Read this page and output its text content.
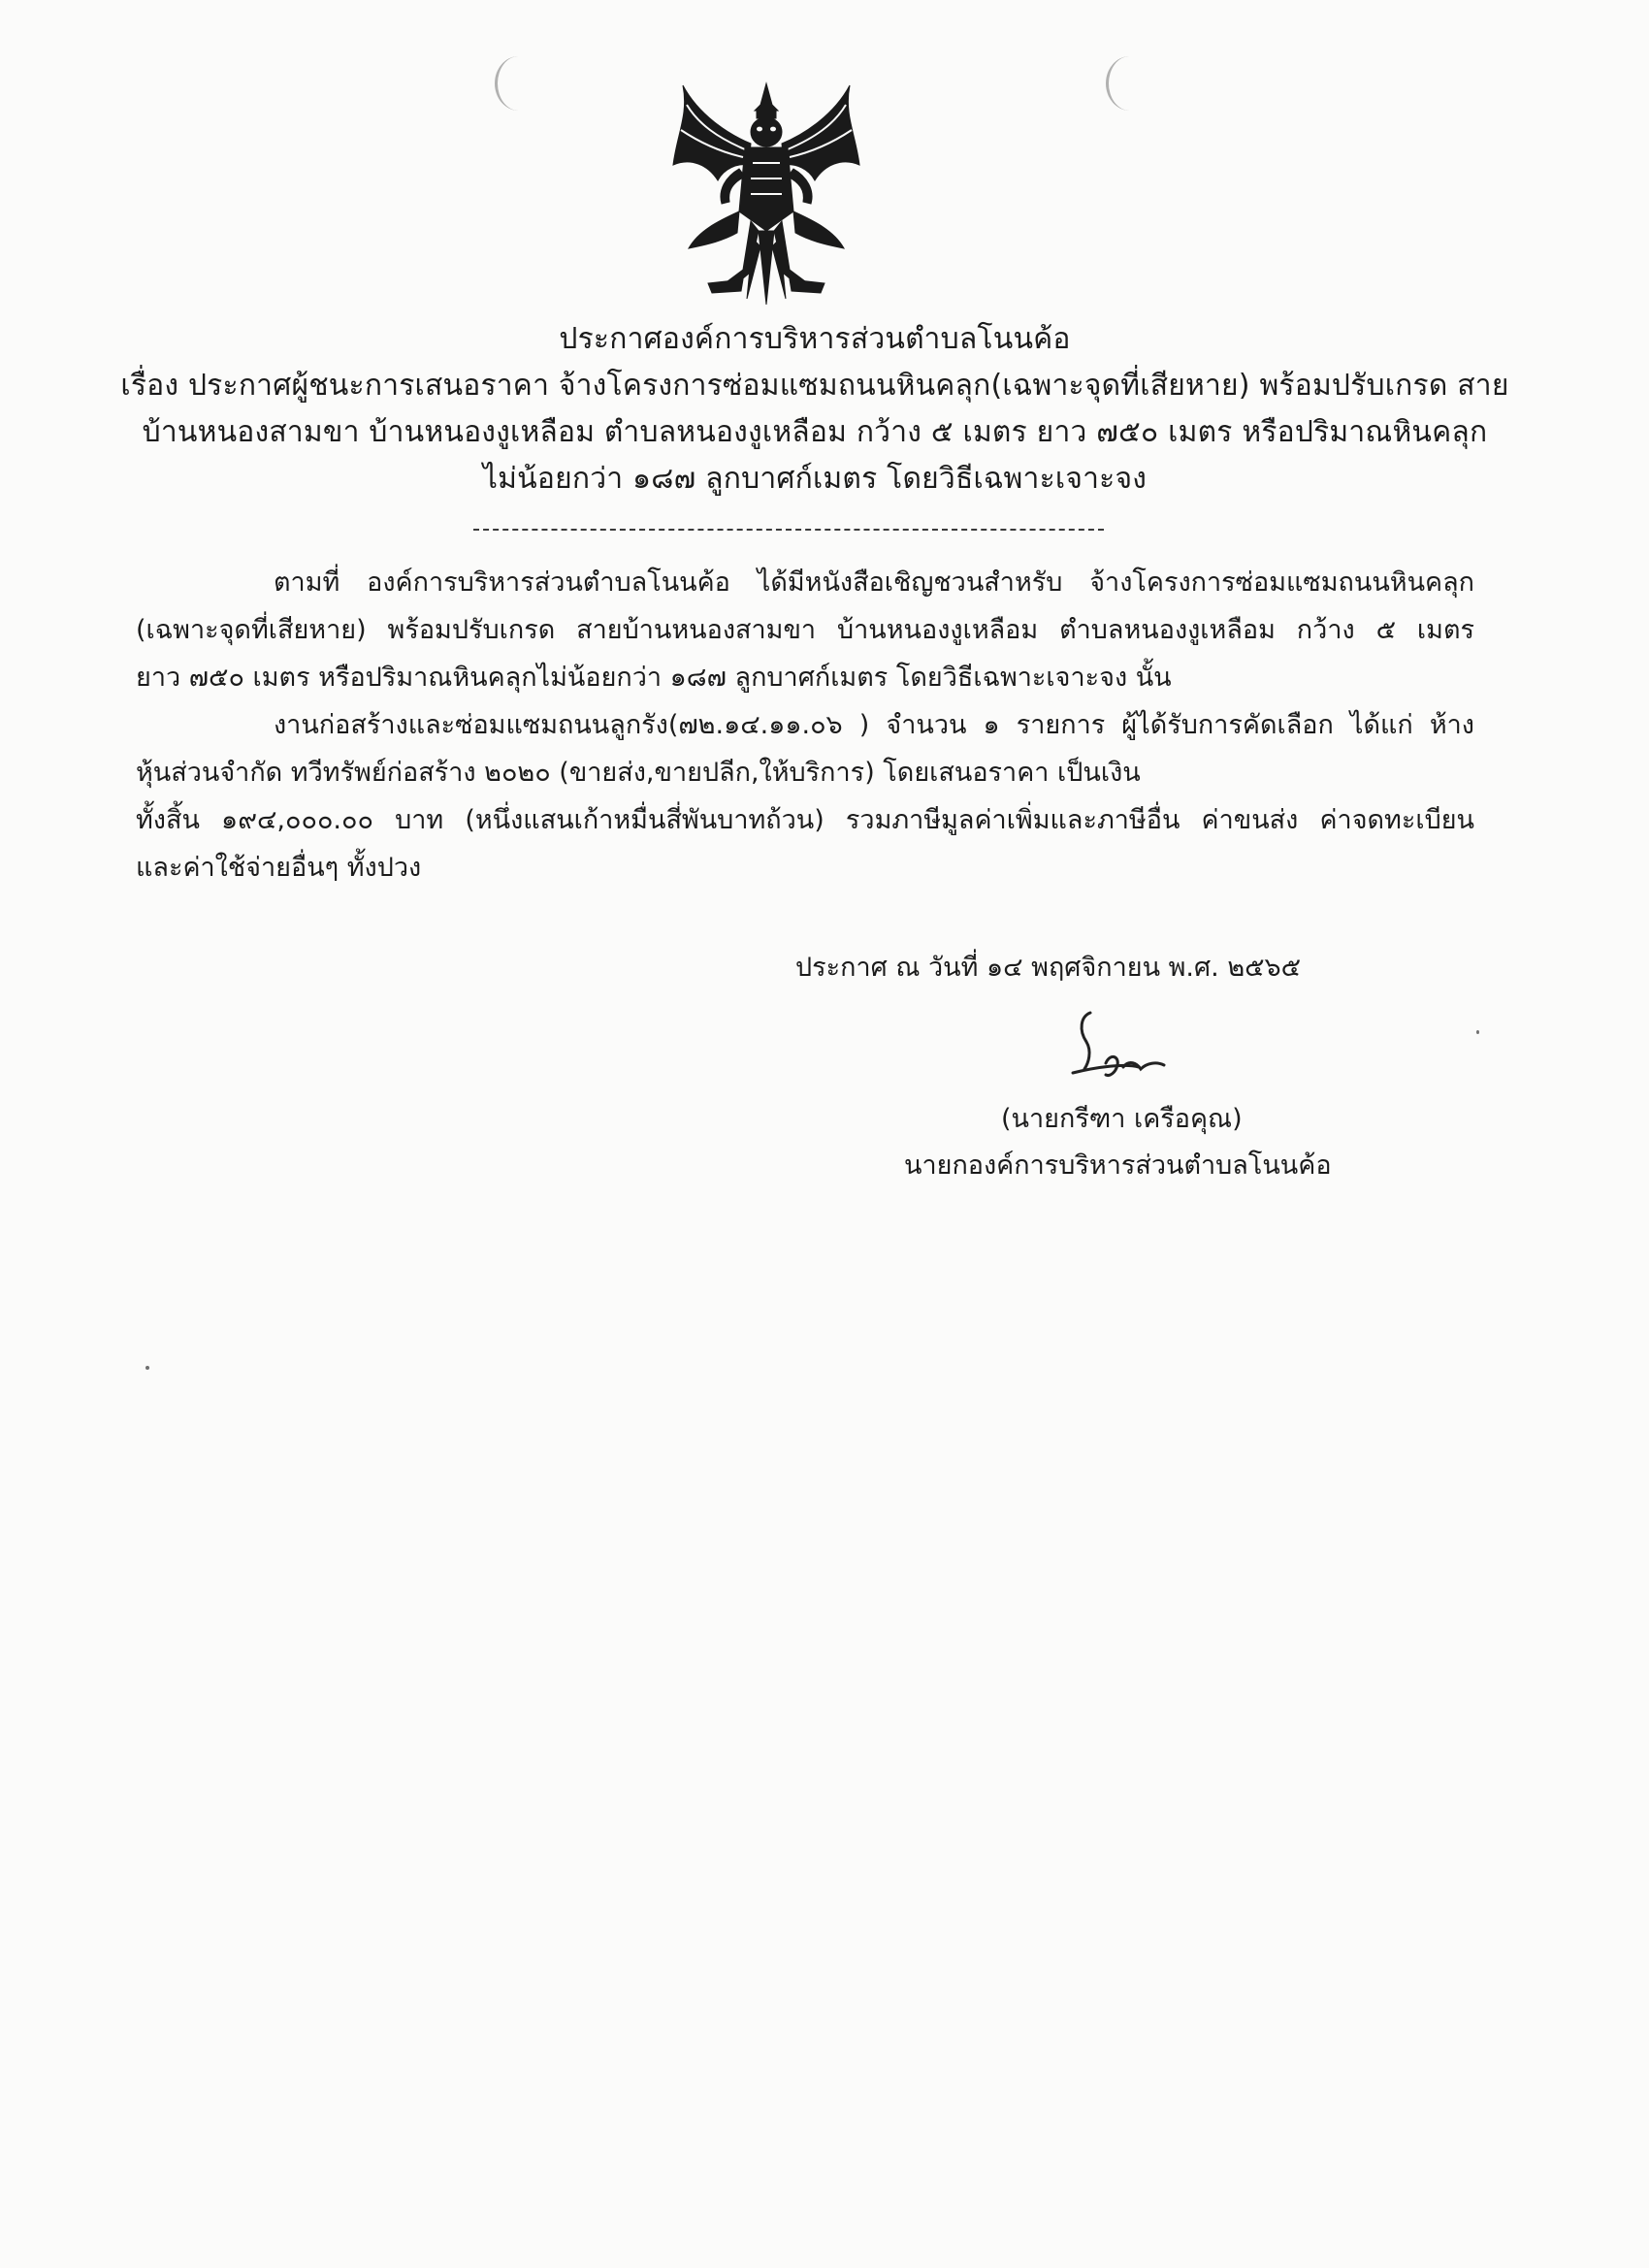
ประกาศองค์การบริหารส่วนตำบลโนนค้อ
เรื่อง ประกาศผู้ชนะการเสนอราคา จ้างโครงการซ่อมแซมถนนหินคลุก(เฉพาะจุดที่เสียหาย) พร้อมปรับเกรด สาย
บ้านหนองสามขา บ้านหนองงูเหลือม ตำบลหนองงูเหลือม กว้าง ๕ เมตร ยาว ๗๕๐ เมตร หรือปริมาณหินคลุก
ไม่น้อยกว่า ๑๘๗ ลูกบาศก์เมตร โดยวิธีเฉพาะเจาะจง
ตามที่ องค์การบริหารส่วนตำบลโนนค้อ ได้มีหนังสือเชิญชวนสำหรับ จ้างโครงการซ่อมแซมถนนหินคลุก
(เฉพาะจุดที่เสียหาย) พร้อมปรับเกรด สายบ้านหนองสามขา บ้านหนองงูเหลือม ตำบลหนองงูเหลือม กว้าง ๕ เมตร
ยาว ๗๕๐ เมตร หรือปริมาณหินคลุกไม่น้อยกว่า ๑๘๗ ลูกบาศก์เมตร โดยวิธีเฉพาะเจาะจง นั้น
งานก่อสร้างและซ่อมแซมถนนลูกรัง(๗๒.๑๔.๑๑.๐๖ ) จำนวน ๑ รายการ ผู้ได้รับการคัดเลือก ได้แก่ ห้าง
หุ้นส่วนจำกัด ทวีทรัพย์ก่อสร้าง ๒๐๒๐ (ขายส่ง,ขายปลีก,ให้บริการ) โดยเสนอราคา เป็นเงิน
ทั้งสิ้น ๑๙๔,๐๐๐.๐๐ บาท (หนึ่งแสนเก้าหมื่นสี่พันบาทถ้วน) รวมภาษีมูลค่าเพิ่มและภาษีอื่น ค่าขนส่ง ค่าจดทะเบียน
และค่าใช้จ่ายอื่นๆ ทั้งปวง
ประกาศ ณ วันที่ ๑๔ พฤศจิกายน พ.ศ. ๒๕๖๕
(นายกรีฑา เครือคุณ)
นายกองค์การบริหารส่วนตำบลโนนค้อ
